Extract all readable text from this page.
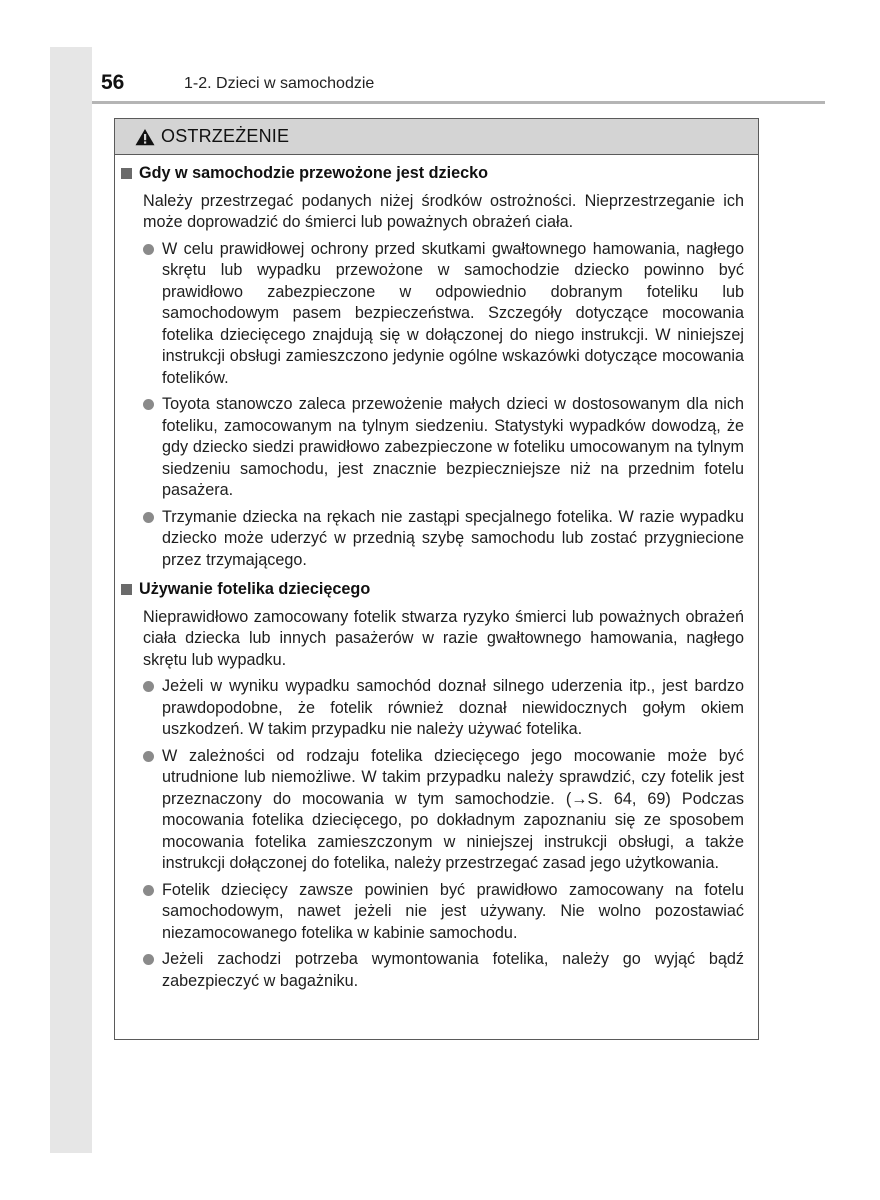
56	1-2. Dzieci w samochodzie
OSTRZEŻENIE
Gdy w samochodzie przewożone jest dziecko
Należy przestrzegać podanych niżej środków ostrożności. Nieprzestrzeganie ich może doprowadzić do śmierci lub poważnych obrażeń ciała.
W celu prawidłowej ochrony przed skutkami gwałtownego hamowania, nagłego skrętu lub wypadku przewożone w samochodzie dziecko powinno być prawidłowo zabezpieczone w odpowiednio dobranym foteliku lub samochodowym pasem bezpieczeństwa. Szczegóły dotyczące mocowania fotelika dziecięcego znajdują się w dołączonej do niego instrukcji. W niniejszej instrukcji obsługi zamieszczono jedynie ogólne wskazówki dotyczące mocowania fotelików.
Toyota stanowczo zaleca przewożenie małych dzieci w dostosowanym dla nich foteliku, zamocowanym na tylnym siedzeniu. Statystyki wypadków dowodzą, że gdy dziecko siedzi prawidłowo zabezpieczone w foteliku umocowanym na tylnym siedzeniu samochodu, jest znacznie bezpieczniejsze niż na przednim fotelu pasażera.
Trzymanie dziecka na rękach nie zastąpi specjalnego fotelika. W razie wypadku dziecko może uderzyć w przednią szybę samochodu lub zostać przygniecione przez trzymającego.
Używanie fotelika dziecięcego
Nieprawidłowo zamocowany fotelik stwarza ryzyko śmierci lub poważnych obrażeń ciała dziecka lub innych pasażerów w razie gwałtownego hamowania, nagłego skrętu lub wypadku.
Jeżeli w wyniku wypadku samochód doznał silnego uderzenia itp., jest bardzo prawdopodobne, że fotelik również doznał niewidocznych gołym okiem uszkodzeń. W takim przypadku nie należy używać fotelika.
W zależności od rodzaju fotelika dziecięcego jego mocowanie może być utrudnione lub niemożliwe. W takim przypadku należy sprawdzić, czy fotelik jest przeznaczony do mocowania w tym samochodzie. (→S. 64, 69) Podczas mocowania fotelika dziecięcego, po dokładnym zapoznaniu się ze sposobem mocowania fotelika zamieszczonym w niniejszej instrukcji obsługi, a także instrukcji dołączonej do fotelika, należy przestrzegać zasad jego użytkowania.
Fotelik dziecięcy zawsze powinien być prawidłowo zamocowany na fotelu samochodowym, nawet jeżeli nie jest używany. Nie wolno pozostawiać niezamocowanego fotelika w kabinie samochodu.
Jeżeli zachodzi potrzeba wymontowania fotelika, należy go wyjąć bądź zabezpieczyć w bagażniku.
